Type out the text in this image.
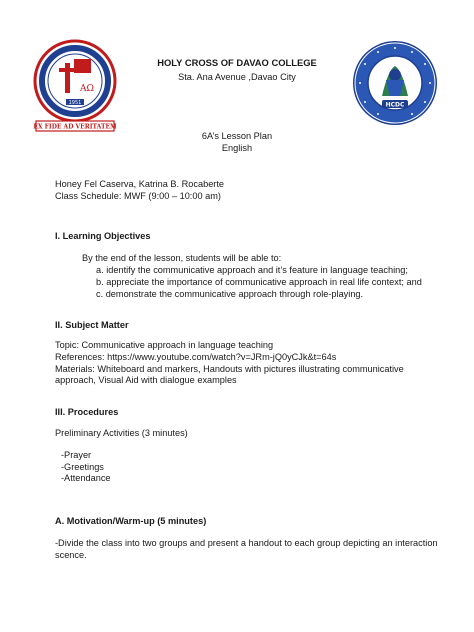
AΩ
1951
EX FIDE AD VERITATEM
HCDC
HOLY CROSS OF DAVAO COLLEGE
Sta. Ana Avenue ,Davao City
6A’s Lesson Plan
English
Honey Fel Caserva, Katrina B. Rocaberte
Class Schedule: MWF (9:00 – 10:00 am)
I. Learning Objectives
By the end of the lesson, students will be able to:
a. identify the communicative approach and it’s feature in language teaching;
b. appreciate the importance of communicative approach in real life context; and
c. demonstrate the communicative approach through role-playing.
II. Subject Matter
Topic: Communicative approach in language teaching
References: https://www.youtube.com/watch?v=JRm-jQ0yCJk&t=64s
Materials: Whiteboard and markers, Handouts with pictures illustrating communicative
approach, Visual Aid with dialogue examples
III. Procedures
Preliminary Activities (3 minutes)
-Prayer
-Greetings
-Attendance
A. Motivation/Warm-up (5 minutes)
-Divide the class into two groups and present a handout to each group depicting an interaction
scence.
